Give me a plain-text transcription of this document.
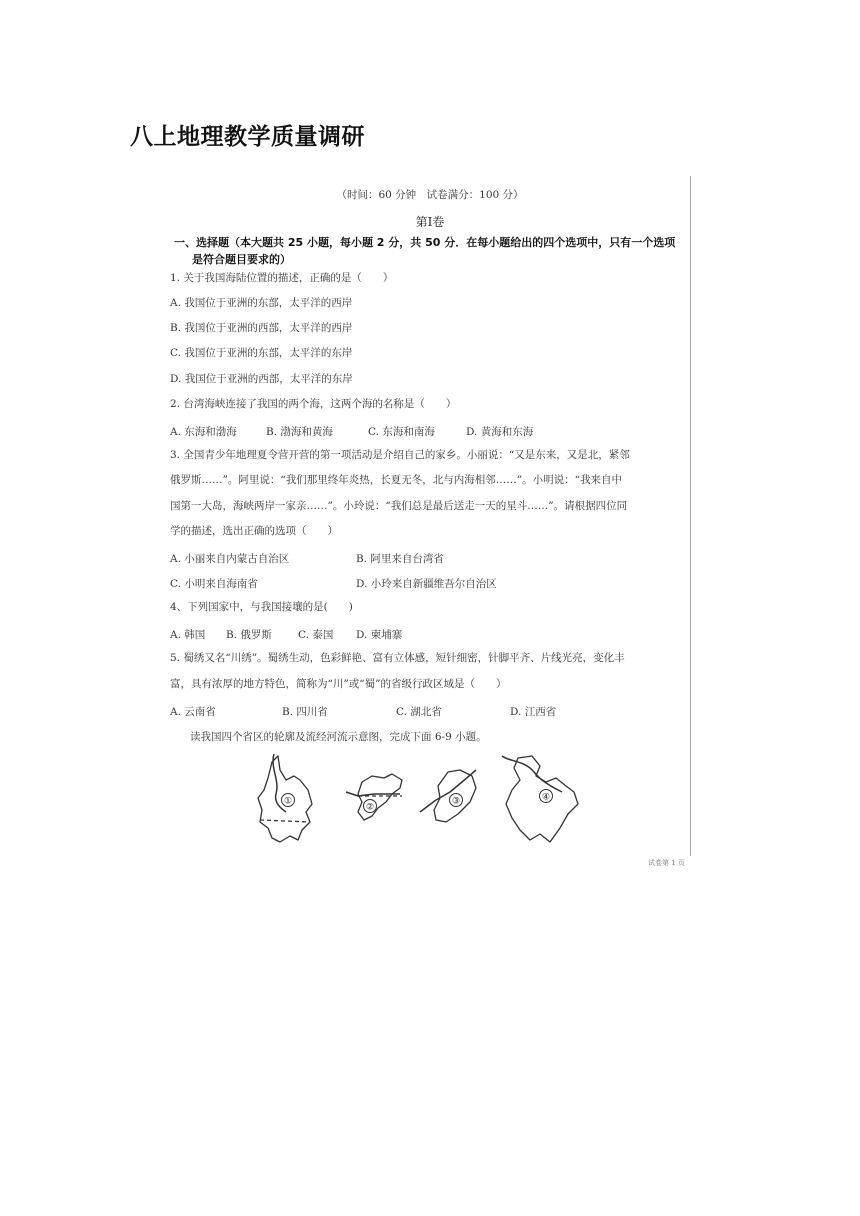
八上地理教学质量调研
（时间：60 分钟　试卷满分：100 分）
第Ⅰ卷
一、选择题（本大题共 25 小题，每小题 2 分，共 50 分．在每小题给出的四个选项中，只有一个选项
是符合题目要求的）
1. 关于我国海陆位置的描述，正确的是（　　）
A. 我国位于亚洲的东部，太平洋的西岸
B. 我国位于亚洲的西部，太平洋的西岸
C. 我国位于亚洲的东部，太平洋的东岸
D. 我国位于亚洲的西部，太平洋的东岸
2. 台湾海峡连接了我国的两个海，这两个海的名称是（　　）
A. 东海和渤海	B. 渤海和黄海	C. 东海和南海	D. 黄海和东海
3. 全国青少年地理夏令营开营的第一项活动是介绍自己的家乡。小丽说：“又是东来，又是北，紧邻
俄罗斯……”。阿里说：“我们那里终年炎热，长夏无冬，北与内海相邻……”。小明说：“我来自中
国第一大岛，海峡两岸一家亲……”。小玲说：“我们总是最后送走一天的星斗……”。请根据四位同
学的描述，选出正确的选项（　　）
A. 小丽来自内蒙古自治区	B. 阿里来自台湾省
C. 小明来自海南省	D. 小玲来自新疆维吾尔自治区
4、下列国家中，与我国接壤的是(　　)
A. 韩国 B. 俄罗斯 C. 泰国 D. 柬埔寨
5. 蜀绣又名“川绣”。蜀绣生动，色彩鲜艳、富有立体感，短针细密，针脚平齐、片线光亮，变化丰
富，具有浓厚的地方特色，简称为“川”或“蜀”的省级行政区域是（　　）
A. 云南省	B. 四川省	C. 湖北省	D. 江西省
读我国四个省区的轮廓及流经河流示意图，完成下面 6-9 小题。
①
②
③	④
试卷第 1 页
